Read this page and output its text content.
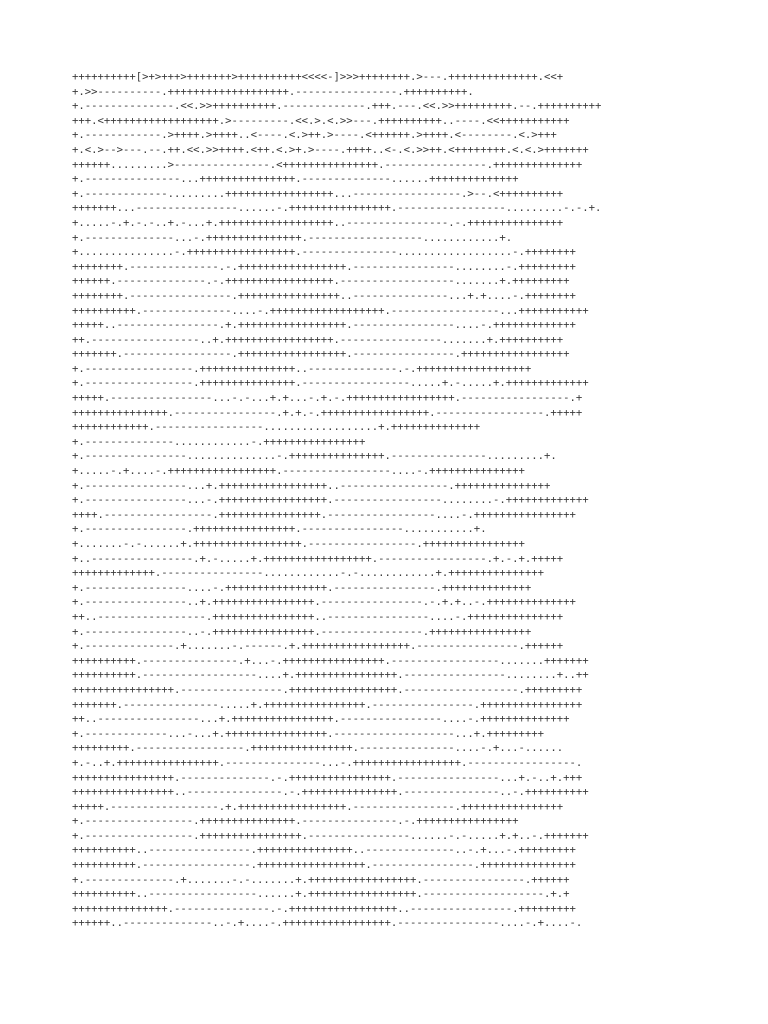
++++++++++[>+>+++>+++++++>++++++++++<<<<-]>>>++++++++.>---.++++++++++++++.<<+
+.>>----------.+++++++++++++++++++.----------------.++++++++++.
+.--------------.<<.>>++++++++++.-------------.+++.---.<<.>>+++++++++.--.++++++++++
+++.<++++++++++++++++++.>---------.<<.>.<.>>---.++++++++++..----.<<+++++++++++
+.------------.>++++.>++++..<----.<.>++.>----.<++++++.>++++.<--------.<.>+++
+.<.>-->---.--.++.<<.>>++++.<++.<.>+.>----.++++..<-.<.>>++.<++++++++.<.<.>+++++++
++++++.........>---------------.<+++++++++++++++.----------------.++++++++++++++
+.---------------...+++++++++++++++.--------------......++++++++++++++
+.-------------.........+++++++++++++++++...-----------------.>--.<++++++++++
+++++++...----------------......-.++++++++++++++++.-----------------.........-.-.+.
+.....-.+.-.-..+.-...+.++++++++++++++++++..----------------.-.+++++++++++++++
+.--------------...-.+++++++++++++++.------------------............+.
+...............-.+++++++++++++++++.---------------..................-.++++++++
++++++++.--------------.-.+++++++++++++++++.----------------........-.+++++++++
++++++.--------------.-.+++++++++++++++++.------------------.......+.+++++++++
++++++++.----------------.++++++++++++++++..---------------...+.+....-.++++++++
++++++++++.--------------....-.++++++++++++++++++.-----------------...+++++++++++
+++++..----------------.+.+++++++++++++++++.----------------....-.+++++++++++++
++.-----------------..+.+++++++++++++++++.----------------.......+.++++++++++
+++++++.-----------------.+++++++++++++++++.----------------.+++++++++++++++++
+.-----------------.+++++++++++++++..--------------.-.++++++++++++++++++
+.-----------------.+++++++++++++++.-----------------.....+.-.....+.+++++++++++++
+++++.----------------...-.-...+.+...-.+.-.+++++++++++++++++.-----------------.+
+++++++++++++++.----------------.+.+.-.+++++++++++++++++.-----------------.+++++
++++++++++++.-----------------..................+.++++++++++++++
+.--------------............-.++++++++++++++++
+.----------------..............-.+++++++++++++++.---------------.........+.
+.....-.+....-.+++++++++++++++++.-----------------....-.+++++++++++++++
+.----------------...+.+++++++++++++++++..-----------------.+++++++++++++++
+.----------------...-.+++++++++++++++++.-----------------........-.+++++++++++++
++++.-----------------.++++++++++++++++.-----------------....-.++++++++++++++++
+.----------------.++++++++++++++++.----------------...........+.
+.......-.-......+.+++++++++++++++++.-----------------.++++++++++++++++
+..----------------.+.-.....+.+++++++++++++++++.-----------------.+.-.+.+++++
+++++++++++++.----------------............-.-............+.+++++++++++++++
+.----------------....-.++++++++++++++++.----------------.++++++++++++++
+.----------------..+.++++++++++++++++.----------------.-.+.+..-.++++++++++++++
++..-----------------.++++++++++++++++..----------------....-.+++++++++++++++
+.----------------..-.++++++++++++++++.----------------.++++++++++++++++
+.--------------.+.......-.------.+.+++++++++++++++++.----------------.++++++
++++++++++.---------------.+...-.++++++++++++++++.-----------------.......+++++++
++++++++++.------------------....+.++++++++++++++++.----------------........+..++
++++++++++++++++.----------------.+++++++++++++++++.------------------.+++++++++
+++++++.---------------.....+.++++++++++++++++.----------------.++++++++++++++++
++..----------------...+.++++++++++++++++.----------------....-.++++++++++++++
+.-------------...-...+.++++++++++++++++.-------------------...+.+++++++++
+++++++++.-----------------.++++++++++++++++.---------------....-.+...-......
+.-..+.++++++++++++++++.---------------...-.+++++++++++++++++.-----------------.
++++++++++++++++.--------------.-.++++++++++++++++.----------------...+.-..+.+++
++++++++++++++++..---------------.-.+++++++++++++++.---------------..-.++++++++++
+++++.-----------------.+.+++++++++++++++++.----------------.++++++++++++++++
+.-----------------.+++++++++++++++.---------------.-.++++++++++++++++
+.-----------------.++++++++++++++++.----------------......-.-.....+.+..-.+++++++
++++++++++..----------------.+++++++++++++++..--------------..-.+...-.+++++++++
++++++++++.-----------------.+++++++++++++++++.----------------.+++++++++++++++
+.--------------.+.......-.-.......+.+++++++++++++++++.----------------.++++++
++++++++++..-----------------......+.+++++++++++++++++.-------------------.+.+
+++++++++++++++.---------------.-.+++++++++++++++++..----------------.+++++++++
++++++..--------------..-.+....-.+++++++++++++++++.----------------....-.+....-.
